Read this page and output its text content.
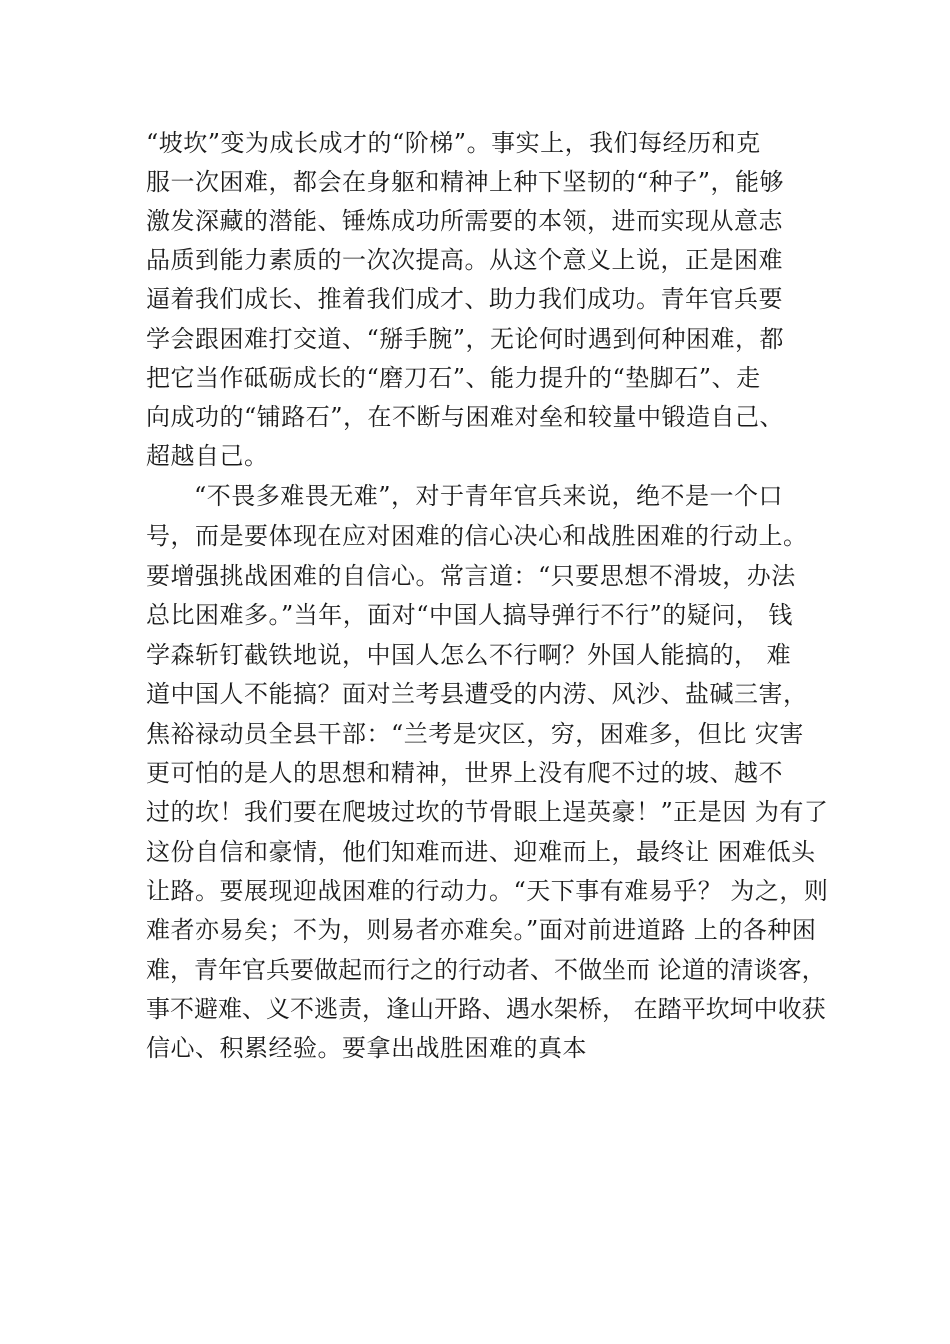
“坡坎”变为成长成才的“阶梯”。事实上，我们每经历和克
服一次困难，都会在身躯和精神上种下坚韧的“种子”，能够
激发深藏的潜能、锤炼成功所需要的本领，进而实现从意志
品质到能力素质的一次次提高。从这个意义上说，正是困难
逼着我们成长、推着我们成才、助力我们成功。青年官兵要
学会跟困难打交道、“掰手腕”，无论何时遇到何种困难，都
把它当作砥砺成长的“磨刀石”、能力提升的“垫脚石”、走
向成功的“铺路石”，在不断与困难对垒和较量中锻造自己、
超越自己。
“不畏多难畏无难”，对于青年官兵来说，绝不是一个口
号，而是要体现在应对困难的信心决心和战胜困难的行动上。
要增强挑战困难的自信心。常言道：“只要思想不滑坡，办法
总比困难多。”当年，面对“中国人搞导弹行不行”的疑问， 钱
学森斩钉截铁地说，中国人怎么不行啊？外国人能搞的， 难
道中国人不能搞？面对兰考县遭受的内涝、风沙、盐碱三害，
焦裕禄动员全县干部：“兰考是灾区，穷，困难多，但比 灾害
更可怕的是人的思想和精神，世界上没有爬不过的坡、越不
过的坎！我们要在爬坡过坎的节骨眼上逞英豪！”正是因 为有了
这份自信和豪情，他们知难而进、迎难而上，最终让 困难低头
让路。要展现迎战困难的行动力。“天下事有难易乎？ 为之，则
难者亦易矣；不为，则易者亦难矣。”面对前进道路 上的各种困
难，青年官兵要做起而行之的行动者、不做坐而 论道的清谈客，
事不避难、义不逃责，逢山开路、遇水架桥， 在踏平坎坷中收获
信心、积累经验。要拿出战胜困难的真本
